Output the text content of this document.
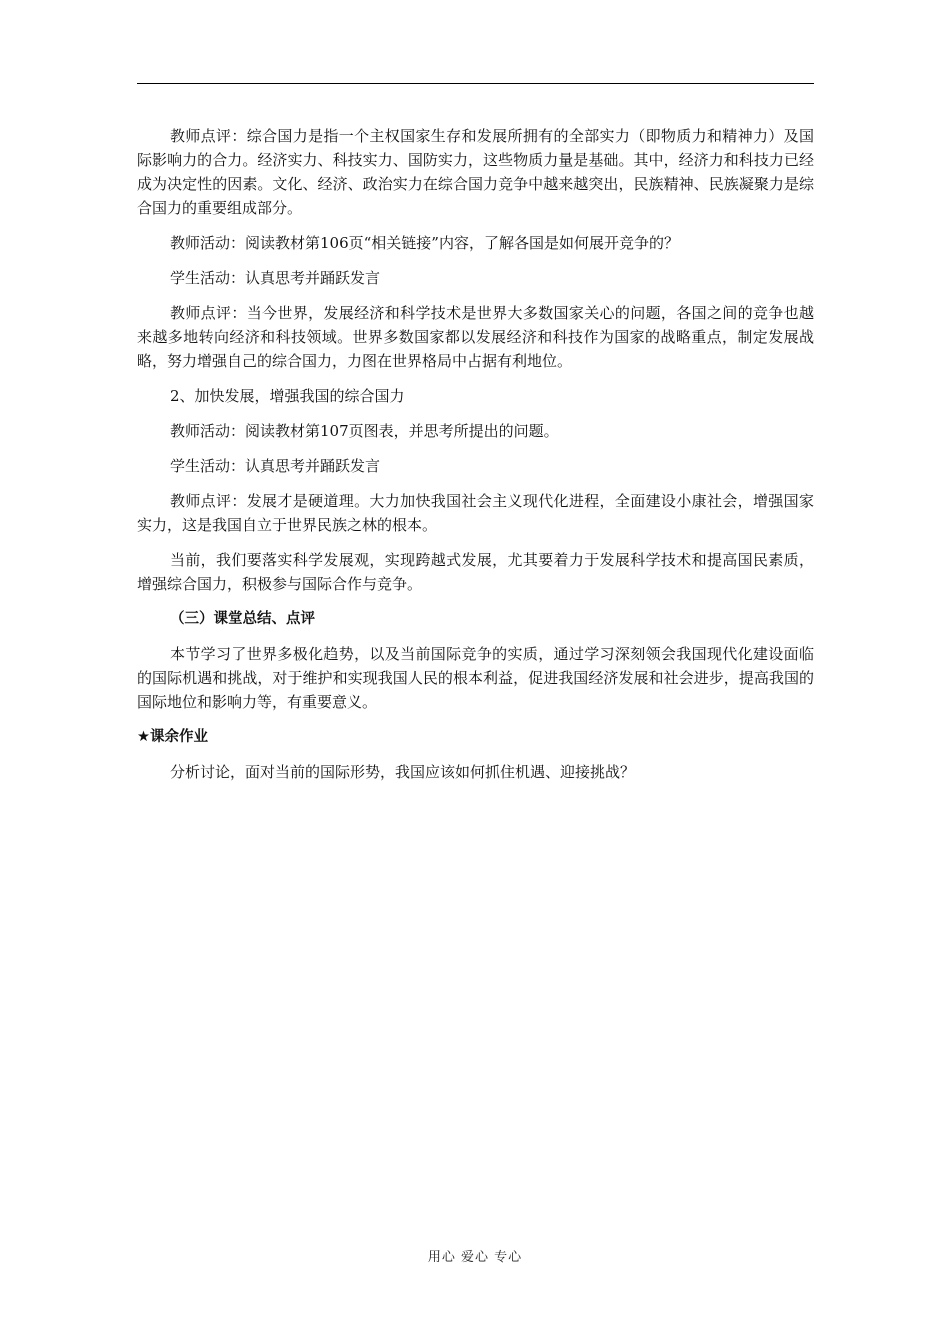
教师点评：综合国力是指一个主权国家生存和发展所拥有的全部实力（即物质力和精神力）及国际影响力的合力。经济实力、科技实力、国防实力，这些物质力量是基础。其中，经济力和科技力已经成为决定性的因素。文化、经济、政治实力在综合国力竞争中越来越突出，民族精神、民族凝聚力是综合国力的重要组成部分。

教师活动：阅读教材第106页“相关链接”内容，了解各国是如何展开竞争的？

学生活动：认真思考并踊跃发言

教师点评：当今世界，发展经济和科学技术是世界大多数国家关心的问题，各国之间的竞争也越来越多地转向经济和科技领域。世界多数国家都以发展经济和科技作为国家的战略重点，制定发展战略，努力增强自己的综合国力，力图在世界格局中占据有利地位。

2、加快发展，增强我国的综合国力

教师活动：阅读教材第107页图表，并思考所提出的问题。

学生活动：认真思考并踊跃发言

教师点评：发展才是硬道理。大力加快我国社会主义现代化进程，全面建设小康社会，增强国家实力，这是我国自立于世界民族之林的根本。

当前，我们要落实科学发展观，实现跨越式发展，尤其要着力于发展科学技术和提高国民素质，增强综合国力，积极参与国际合作与竞争。

（三）课堂总结、点评

本节学习了世界多极化趋势，以及当前国际竞争的实质，通过学习深刻领会我国现代化建设面临的国际机遇和挑战，对于维护和实现我国人民的根本利益，促进我国经济发展和社会进步，提高我国的国际地位和影响力等，有重要意义。

★课余作业

分析讨论，面对当前的国际形势，我国应该如何抓住机遇、迎接挑战？

用心 爱心 专心
